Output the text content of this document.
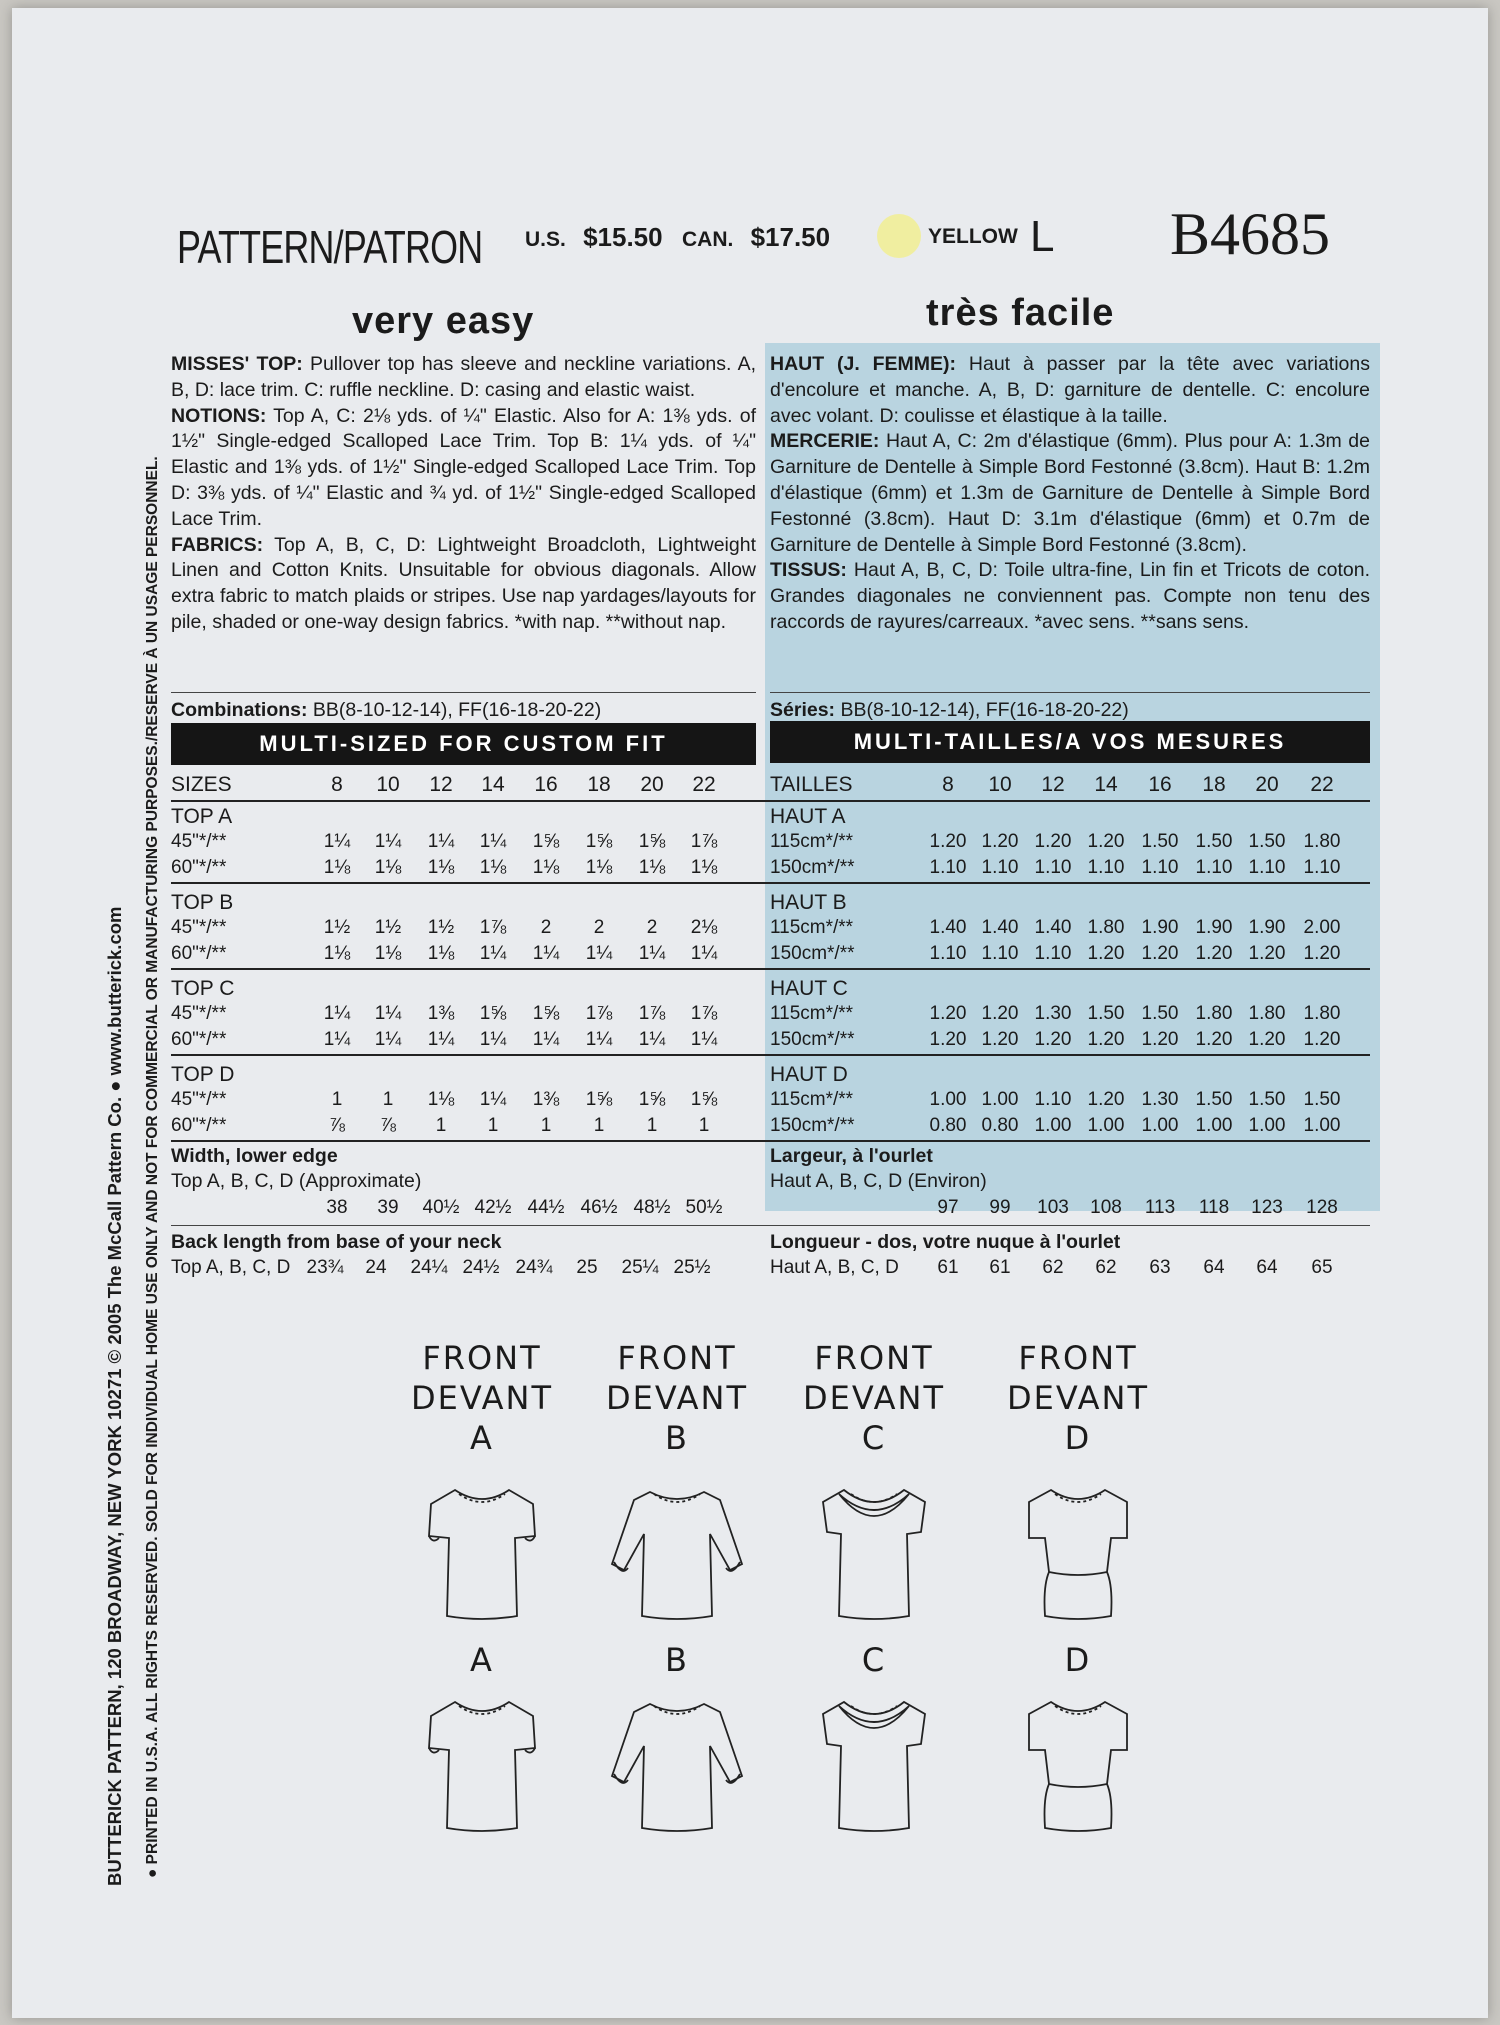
BUTTERICK PATTERN, 120 BROADWAY, NEW YORK 10271 © 2005 The McCall Pattern Co. ● www.butterick.com ● PRINTED IN U.S.A. ALL RIGHTS RESERVED. SOLD FOR INDIVIDUAL HOME USE ONLY AND NOT FOR COMMERCIAL OR MANUFACTURING PURPOSES./RESERVE À UN USAGE PERSONNEL.
PATTERN/PATRON U.S. $15.50 CAN. $17.50	YELLOW L B4685
very easy	très facile
MISSES' TOP: Pullover top has sleeve and neckline variations. A, B, D: lace trim. C: ruffle neckline. D: casing and elastic waist.
NOTIONS: Top A, C: 2⅛ yds. of ¼" Elastic. Also for A: 1⅜ yds. of 1½" Single-edged Scalloped Lace Trim. Top B: 1¼ yds. of ¼" Elastic and 1⅜ yds. of 1½" Single-edged Scalloped Lace Trim. Top D: 3⅜ yds. of ¼" Elastic and ¾ yd. of 1½" Single-edged Scalloped Lace Trim.
FABRICS: Top A, B, C, D: Lightweight Broadcloth, Lightweight Linen and Cotton Knits. Unsuitable for obvious diagonals. Allow extra fabric to match plaids or stripes. Use nap yardages/layouts for pile, shaded or one-way design fabrics. *with nap. **without nap.
Combinations: BB(8-10-12-14), FF(16-18-20-22)
HAUT (J. FEMME): Haut à passer par la tête avec variations d'encolure et manche. A, B, D: garniture de dentelle. C: encolure avec volant. D: coulisse et élastique à la taille.
MERCERIE: Haut A, C: 2m d'élastique (6mm). Plus pour A: 1.3m de Garniture de Dentelle à Simple Bord Festonné (3.8cm). Haut B: 1.2m d'élastique (6mm) et 1.3m de Garniture de Dentelle à Simple Bord Festonné (3.8cm). Haut D: 3.1m d'élastique (6mm) et 0.7m de Garniture de Dentelle à Simple Bord Festonné (3.8cm).
TISSUS: Haut A, B, C, D: Toile ultra-fine, Lin fin et Tricots de coton. Grandes diagonales ne conviennent pas. Compte non tenu des raccords de rayures/carreaux. *avec sens. **sans sens.
Séries: BB(8-10-12-14), FF(16-18-20-22)
MULTI-SIZED FOR CUSTOM FIT	MULTI-TAILLES/A VOS MESURES
SIZES	8	10	12	14	16	18	20	22
TOP A
45"*/**	1¼	1¼	1¼	1¼	1⅝	1⅝	1⅝	1⅞
60"*/**	1⅛	1⅛	1⅛	1⅛	1⅛	1⅛	1⅛	1⅛
TOP B
45"*/**	1½	1½	1½	1⅞	2	2	2	2⅛
60"*/**	1⅛	1⅛	1⅛	1¼	1¼	1¼	1¼	1¼
TOP C
45"*/**	1¼	1¼	1⅜	1⅝	1⅝	1⅞	1⅞	1⅞
60"*/**	1¼	1¼	1¼	1¼	1¼	1¼	1¼	1¼
TOP D
45"*/**	1	1	1⅛	1¼	1⅜	1⅝	1⅝	1⅝
60"*/**	⅞	⅞	1	1	1	1	1	1
Width, lower edge
Top A, B, C, D (Approximate)
38	39	40½ 42½ 44½ 46½ 48½ 50½
Back length from base of your neck
Top A, B, C, D 23¾	24	24¼ 24½ 24¾	25	25¼ 25½
TAILLES	8	10	12	14	16	18	20	22
HAUT A
115cm*/**	1.20 1.20 1.20 1.20 1.50 1.50 1.50 1.80
150cm*/**	1.10 1.10 1.10 1.10 1.10 1.10 1.10 1.10
HAUT B
115cm*/**	1.40 1.40 1.40 1.80 1.90 1.90 1.90 2.00
150cm*/**	1.10 1.10 1.10 1.20 1.20 1.20 1.20 1.20
HAUT C
115cm*/**	1.20 1.20 1.30 1.50 1.50 1.80 1.80 1.80
150cm*/**	1.20 1.20 1.20 1.20 1.20 1.20 1.20 1.20
HAUT D
115cm*/**	1.00 1.00 1.10 1.20 1.30 1.50 1.50 1.50
150cm*/**	0.80 0.80 1.00 1.00 1.00 1.00 1.00 1.00
Largeur, à l'ourlet
Haut A, B, C, D (Environ)
97	99	103	108	113	118	123	128
Longueur - dos, votre nuque à l'ourlet
Haut A, B, C, D	61	61	62	62	63	64	64	65
FRONT
DEVANT
A
A
FRONT
DEVANT
B
B
FRONT
DEVANT
C
C
FRONT
DEVANT
D
D
